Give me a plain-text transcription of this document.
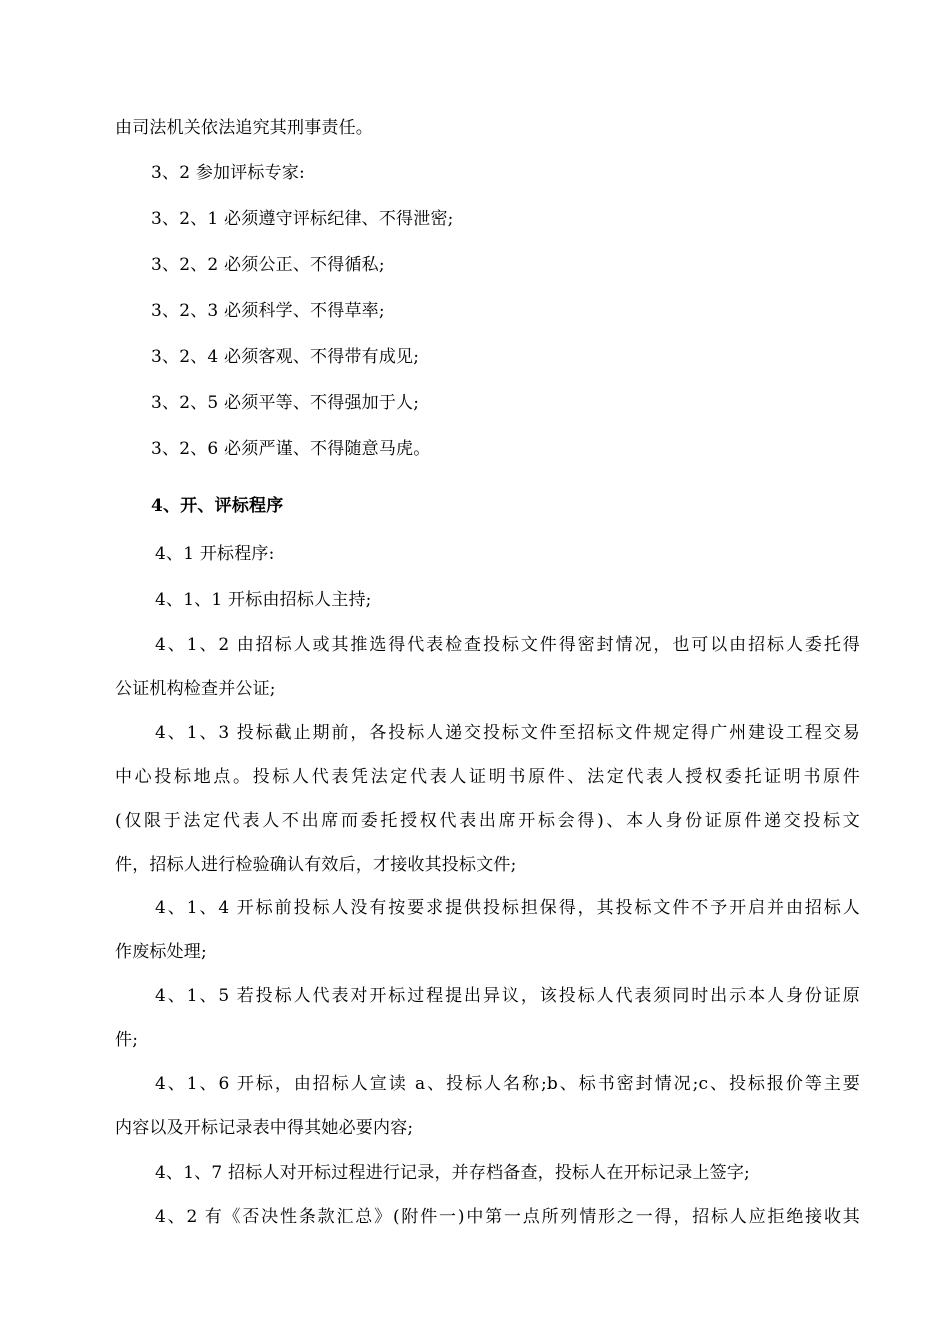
由司法机关依法追究其刑事责任。
3、2 参加评标专家:
3、2、1 必须遵守评标纪律、不得泄密;
3、2、2 必须公正、不得循私;
3、2、3 必须科学、不得草率;
3、2、4 必须客观、不得带有成见;
3、2、5 必须平等、不得强加于人;
3、2、6 必须严谨、不得随意马虎。
4、开、评标程序
4、1 开标程序:
4、1、1 开标由招标人主持;
4、1、2 由招标人或其推选得代表检查投标文件得密封情况，也可以由招标人委托得
公证机构检查并公证;
4、1、3 投标截止期前，各投标人递交投标文件至招标文件规定得广州建设工程交易
中心投标地点。投标人代表凭法定代表人证明书原件、法定代表人授权委托证明书原件
(仅限于法定代表人不出席而委托授权代表出席开标会得)、本人身份证原件递交投标文
件，招标人进行检验确认有效后，才接收其投标文件;
4、1、4 开标前投标人没有按要求提供投标担保得，其投标文件不予开启并由招标人
作废标处理;
4、1、5 若投标人代表对开标过程提出异议，该投标人代表须同时出示本人身份证原
件;
4、1、6 开标，由招标人宣读 a、投标人名称;b、标书密封情况;c、投标报价等主要
内容以及开标记录表中得其她必要内容;
4、1、7 招标人对开标过程进行记录，并存档备查，投标人在开标记录上签字;
4、2 有《否决性条款汇总》(附件一)中第一点所列情形之一得，招标人应拒绝接收其
